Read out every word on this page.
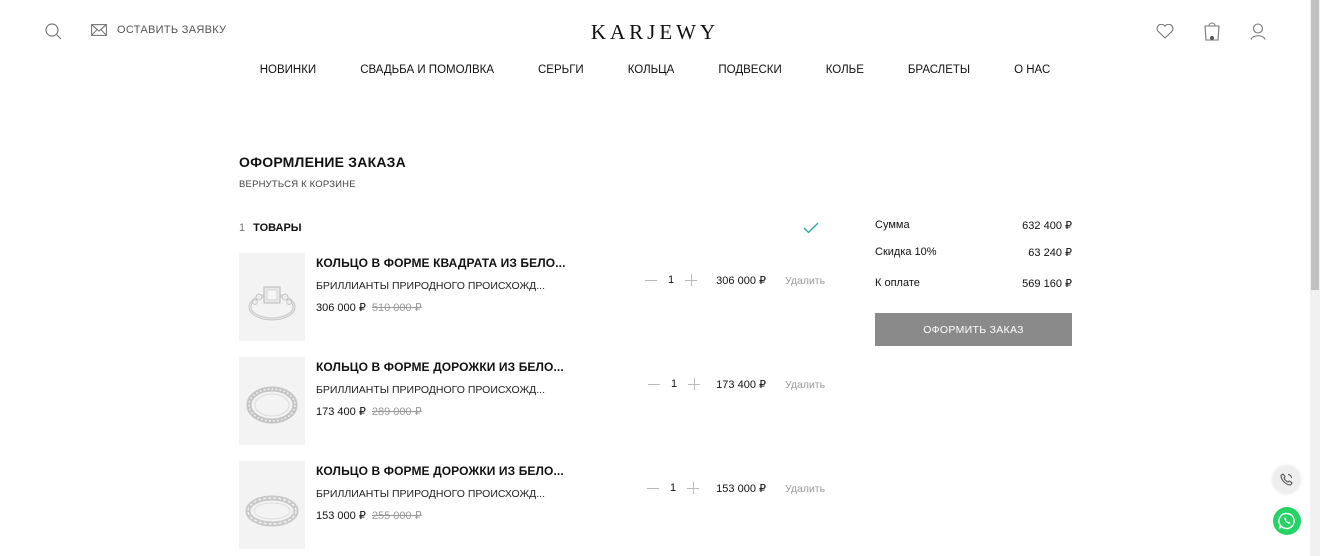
ОСТАВИТЬ ЗАЯВКУ	KARJEWY
НОВИНКИ	СВАДЬБА И ПОМОЛВКА	СЕРЬГИ	КОЛЬЦА	ПОДВЕСКИ	КОЛЬЕ	БРАСЛЕТЫ	О НАС
ОФОРМЛЕНИЕ ЗАКАЗА
ВЕРНУТЬСЯ К КОРЗИНЕ
1 ТОВАРЫ
КОЛЬЦО В ФОРМЕ КВАДРАТА ИЗ БЕЛО...
БРИЛЛИАНТЫ ПРИРОДНОГО ПРОИСХОЖД...
306 000 ₽ 510 000 ₽
1	306 000 ₽ Удалить
КОЛЬЦО В ФОРМЕ ДОРОЖКИ ИЗ БЕЛО...
БРИЛЛИАНТЫ ПРИРОДНОГО ПРОИСХОЖД...
173 400 ₽ 289 000 ₽
1	173 400 ₽ Удалить
КОЛЬЦО В ФОРМЕ ДОРОЖКИ ИЗ БЕЛО...
БРИЛЛИАНТЫ ПРИРОДНОГО ПРОИСХОЖД...
153 000 ₽ 255 000 ₽
1	153 000 ₽ Удалить
Сумма	632 400 ₽
Скидка 10%	63 240 ₽
К оплате	569 160 ₽
ОФОРМИТЬ ЗАКАЗ
